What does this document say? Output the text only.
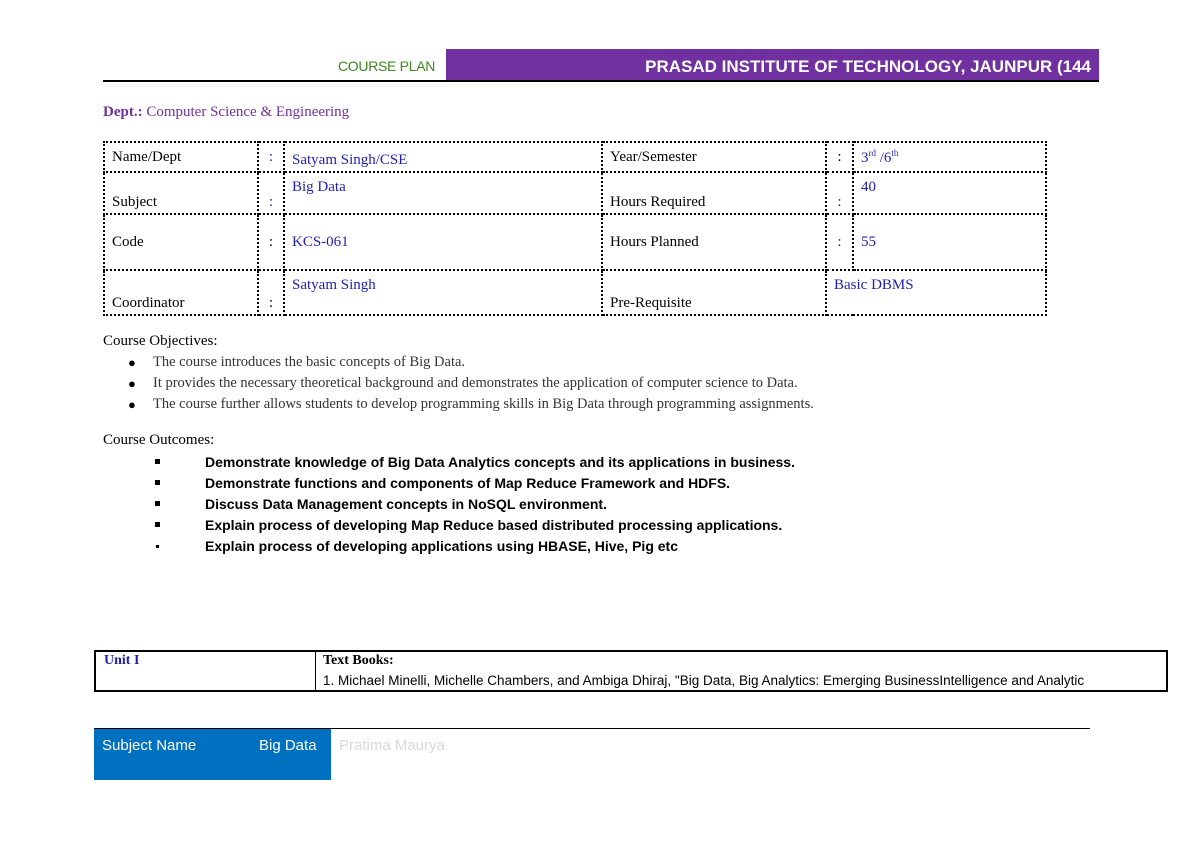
COURSE PLAN	PRASAD INSTITUTE OF TECHNOLOGY, JAUNPUR (144
Dept.: Computer Science & Engineering
Name/Dept	:	Satyam Singh/CSE	Year/Semester	:	3rd /6th
Subject	:	Big Data	Hours Required	:	40
Code	:	KCS-061	Hours Planned	:	55
Coordinator	:	Satyam Singh	Pre-Requisite	Basic DBMS	
Course Objectives:
● The course introduces the basic concepts of Big Data.
● It provides the necessary theoretical background and demonstrates the application of computer science to Data.
● The course further allows students to develop programming skills in Big Data through programming assignments.
Course Outcomes:
Demonstrate knowledge of Big Data Analytics concepts and its applications in business.
Demonstrate functions and components of Map Reduce Framework and HDFS.
Discuss Data Management concepts in NoSQL environment.
Explain process of developing Map Reduce based distributed processing applications.
Explain process of developing applications using HBASE, Hive, Pig etc
Unit I	Text Books:
1. Michael Minelli, Michelle Chambers, and Ambiga Dhiraj, "Big Data, Big Analytics: Emerging BusinessIntelligence and Analytic
Subject Name	Big Data	Pratima Maurya
